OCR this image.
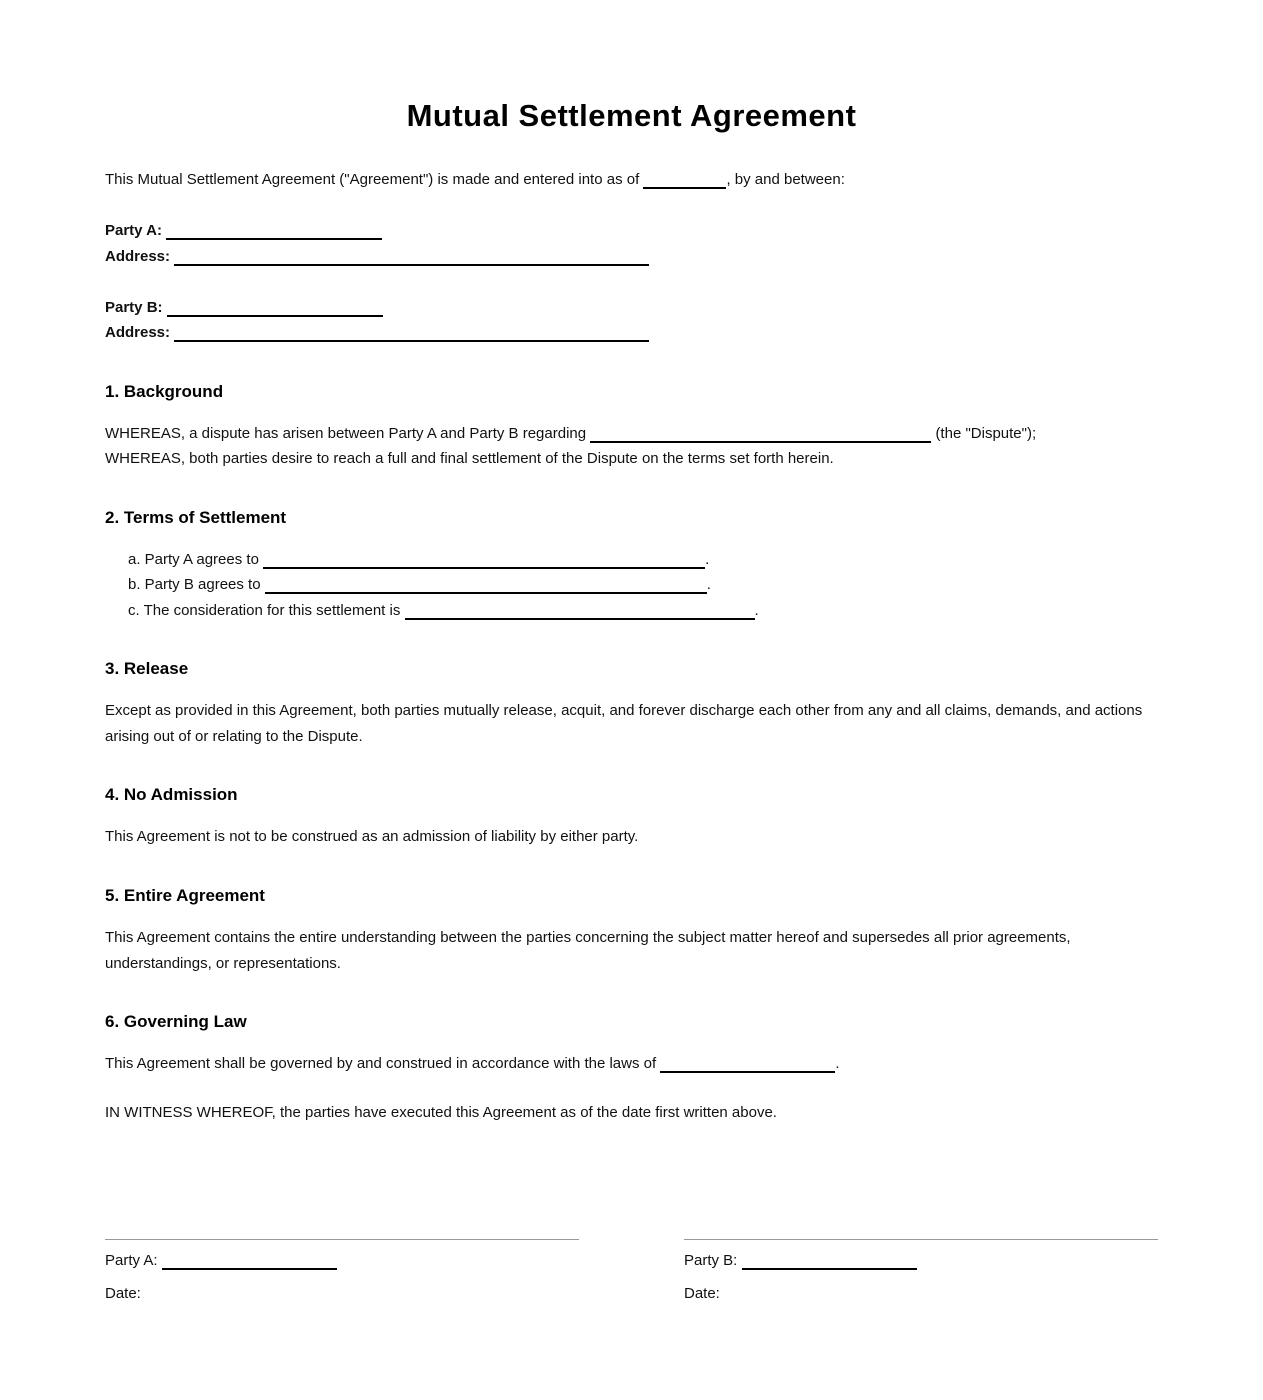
Mutual Settlement Agreement
This Mutual Settlement Agreement ("Agreement") is made and entered into as of	, by and between:
Party A:
Address:
Party B:
Address:
1. Background
WHEREAS, a dispute has arisen between Party A and Party B regarding	(the "Dispute");
WHEREAS, both parties desire to reach a full and final settlement of the Dispute on the terms set forth herein.
2. Terms of Settlement
a. Party A agrees to	.
b. Party B agrees to	.
c. The consideration for this settlement is	.
3. Release
Except as provided in this Agreement, both parties mutually release, acquit, and forever discharge each other from any and all claims, demands, and actions arising out of or relating to the Dispute.
4. No Admission
This Agreement is not to be construed as an admission of liability by either party.
5. Entire Agreement
This Agreement contains the entire understanding between the parties concerning the subject matter hereof and supersedes all prior agreements, understandings, or representations.
6. Governing Law
This Agreement shall be governed by and construed in accordance with the laws of	.
IN WITNESS WHEREOF, the parties have executed this Agreement as of the date first written above.
Party A:
Date:
Party B:
Date:
